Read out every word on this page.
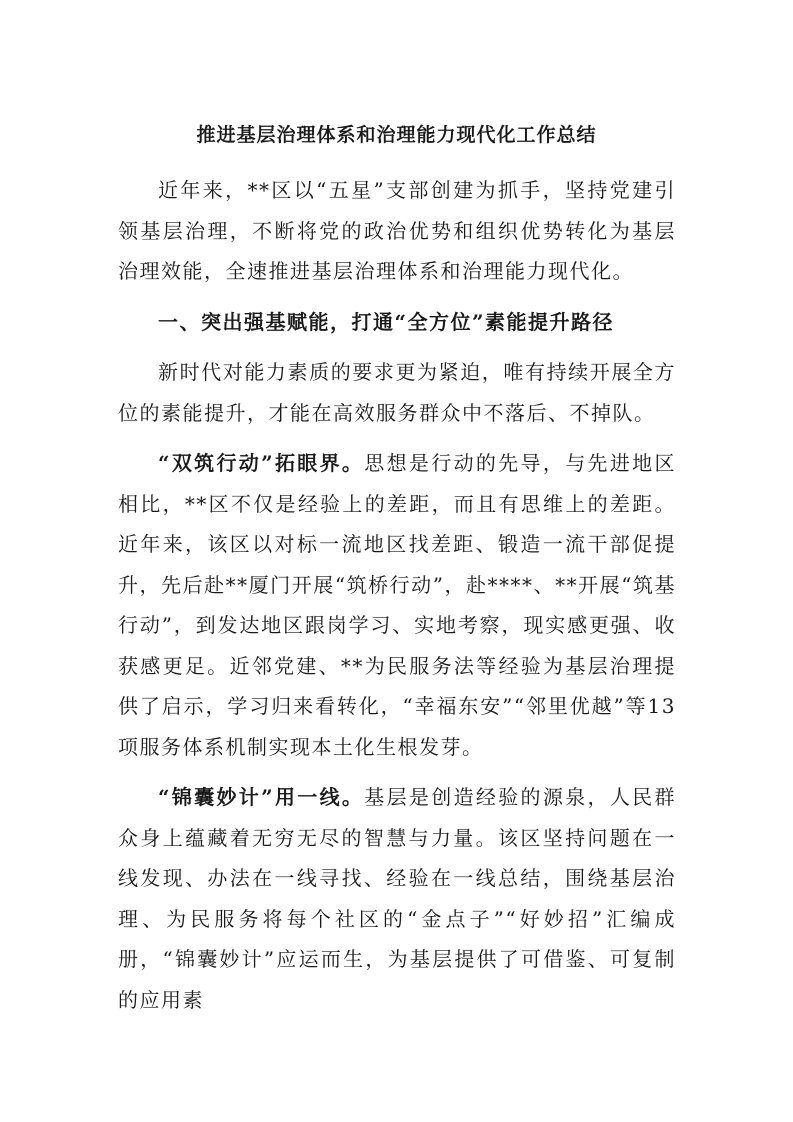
推进基层治理体系和治理能力现代化工作总结

近年来，**区以“五星”支部创建为抓手，坚持党建引领基层治理，不断将党的政治优势和组织优势转化为基层治理效能，全速推进基层治理体系和治理能力现代化。

一、突出强基赋能，打通“全方位”素能提升路径

新时代对能力素质的要求更为紧迫，唯有持续开展全方位的素能提升，才能在高效服务群众中不落后、不掉队。

“双筑行动”拓眼界。思想是行动的先导，与先进地区相比，**区不仅是经验上的差距，而且有思维上的差距。近年来，该区以对标一流地区找差距、锻造一流干部促提升，先后赴**厦门开展“筑桥行动”，赴****、**开展“筑基行动”，到发达地区跟岗学习、实地考察，现实感更强、收获感更足。近邻党建、**为民服务法等经验为基层治理提供了启示，学习归来看转化，“幸福东安”“邻里优越”等13项服务体系机制实现本土化生根发芽。

“锦囊妙计”用一线。基层是创造经验的源泉，人民群众身上蕴藏着无穷无尽的智慧与力量。该区坚持问题在一线发现、办法在一线寻找、经验在一线总结，围绕基层治理、为民服务将每个社区的“金点子”“好妙招”汇编成册，“锦囊妙计”应运而生，为基层提供了可借鉴、可复制的应用素
